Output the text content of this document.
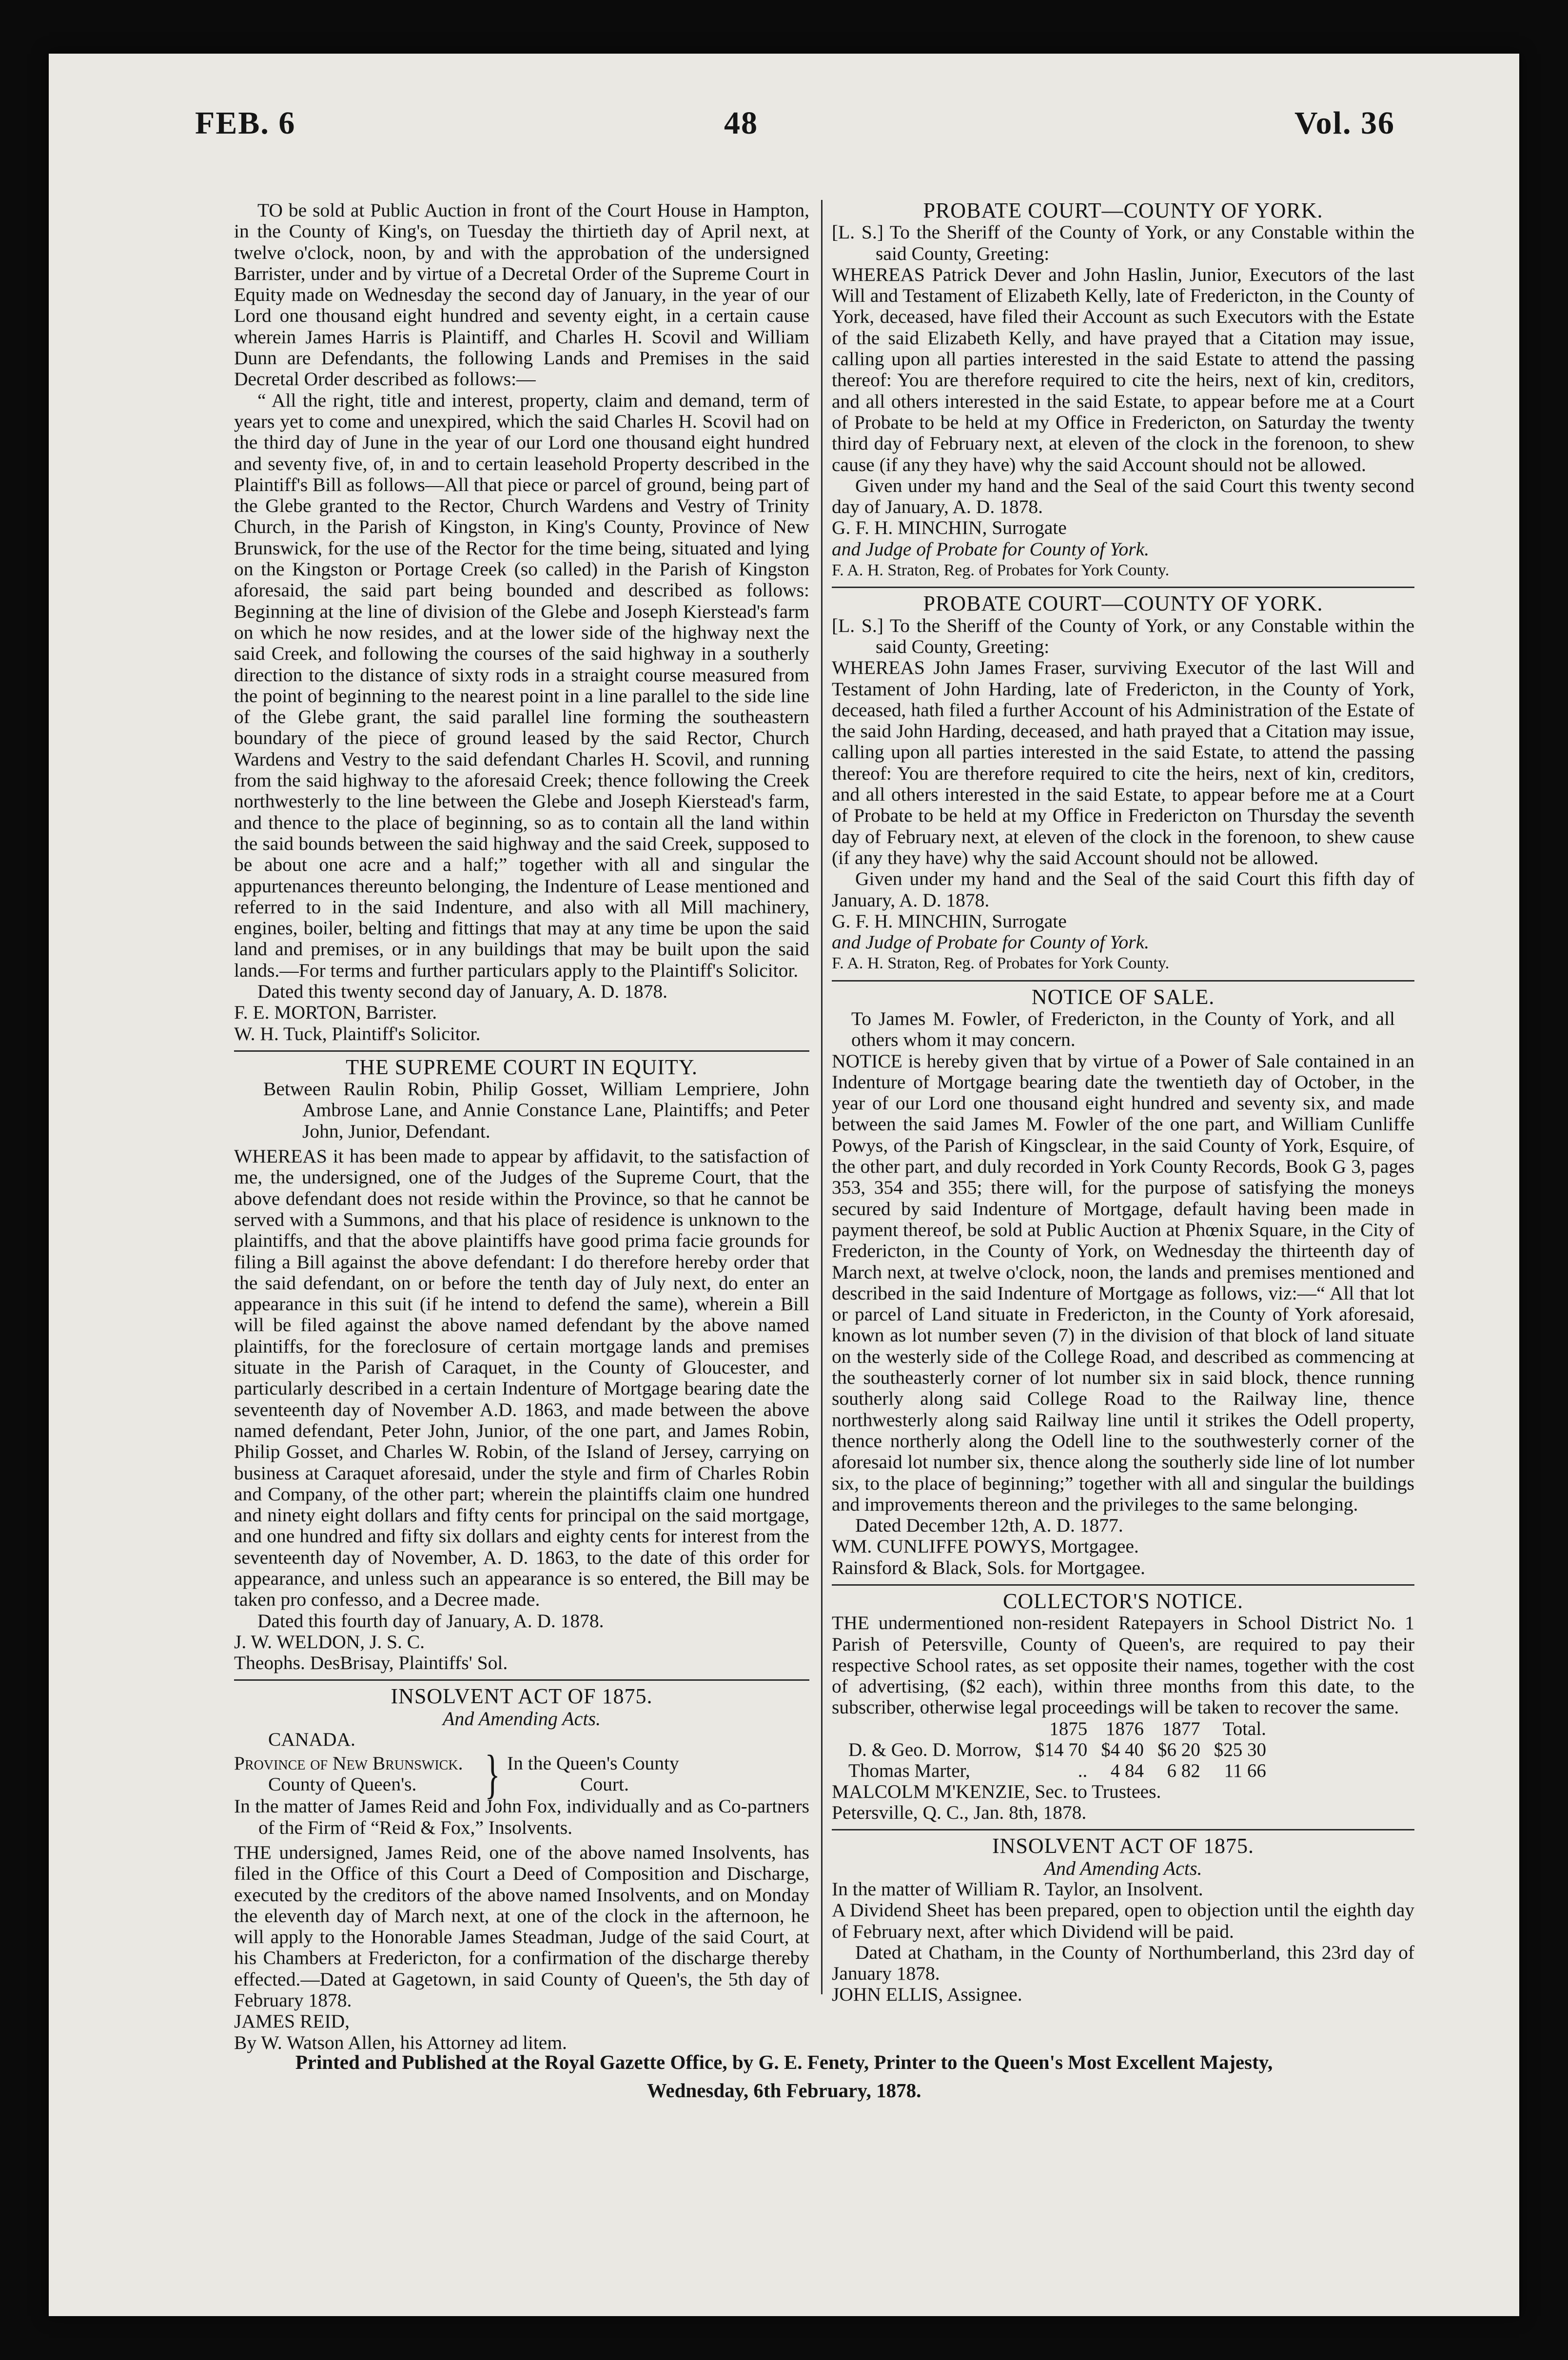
FEB. 6	48	Vol. 36

TO be sold at Public Auction in front of the Court House in Hampton, in the County of King's, on Tuesday the thirtieth day of April next, at twelve o'clock, noon, by and with the approbation of the undersigned Barrister, under and by virtue of a Decretal Order of the Supreme Court in Equity made on Wednesday the second day of January, in the year of our Lord one thousand eight hundred and seventy eight, in a certain cause wherein James Harris is Plaintiff, and Charles H. Scovil and William Dunn are Defendants, the following Lands and Premises in the said Decretal Order described as follows:—

“ All the right, title and interest, property, claim and demand, term of years yet to come and unexpired, which the said Charles H. Scovil had on the third day of June in the year of our Lord one thousand eight hundred and seventy five, of, in and to certain leasehold Property described in the Plaintiff's Bill as follows—All that piece or parcel of ground, being part of the Glebe granted to the Rector, Church Wardens and Vestry of Trinity Church, in the Parish of Kingston, in King's County, Province of New Brunswick, for the use of the Rector for the time being, situated and lying on the Kingston or Portage Creek (so called) in the Parish of Kingston aforesaid, the said part being bounded and described as follows: Beginning at the line of division of the Glebe and Joseph Kierstead's farm on which he now resides, and at the lower side of the highway next the said Creek, and following the courses of the said highway in a southerly direction to the distance of sixty rods in a straight course measured from the point of beginning to the nearest point in a line parallel to the side line of the Glebe grant, the said parallel line forming the southeastern boundary of the piece of ground leased by the said Rector, Church Wardens and Vestry to the said defendant Charles H. Scovil, and running from the said highway to the aforesaid Creek; thence following the Creek northwesterly to the line between the Glebe and Joseph Kierstead's farm, and thence to the place of beginning, so as to contain all the land within the said bounds between the said highway and the said Creek, supposed to be about one acre and a half;” together with all and singular the appurtenances thereunto belonging, the Indenture of Lease mentioned and referred to in the said Indenture, and also with all Mill machinery, engines, boiler, belting and fittings that may at any time be upon the said land and premises, or in any buildings that may be built upon the said lands.—For terms and further particulars apply to the Plaintiff's Solicitor.

Dated this twenty second day of January, A. D. 1878.

F. E. MORTON, Barrister.

W. H. Tuck, Plaintiff's Solicitor.

THE SUPREME COURT IN EQUITY.

Between Raulin Robin, Philip Gosset, William Lempriere, John Ambrose Lane, and Annie Constance Lane, Plaintiffs; and Peter John, Junior, Defendant.

WHEREAS it has been made to appear by affidavit, to the satisfaction of me, the undersigned, one of the Judges of the Supreme Court, that the above defendant does not reside within the Province, so that he cannot be served with a Summons, and that his place of residence is unknown to the plaintiffs, and that the above plaintiffs have good prima facie grounds for filing a Bill against the above defendant: I do therefore hereby order that the said defendant, on or before the tenth day of July next, do enter an appearance in this suit (if he intend to defend the same), wherein a Bill will be filed against the above named defendant by the above named plaintiffs, for the foreclosure of certain mortgage lands and premises situate in the Parish of Caraquet, in the County of Gloucester, and particularly described in a certain Indenture of Mortgage bearing date the seventeenth day of November A.D. 1863, and made between the above named defendant, Peter John, Junior, of the one part, and James Robin, Philip Gosset, and Charles W. Robin, of the Island of Jersey, carrying on business at Caraquet aforesaid, under the style and firm of Charles Robin and Company, of the other part; wherein the plaintiffs claim one hundred and ninety eight dollars and fifty cents for principal on the said mortgage, and one hundred and fifty six dollars and eighty cents for interest from the seventeenth day of November, A. D. 1863, to the date of this order for appearance, and unless such an appearance is so entered, the Bill may be taken pro confesso, and a Decree made.

Dated this fourth day of January, A. D. 1878.

J. W. WELDON, J. S. C.

Theophs. DesBrisay, Plaintiffs' Sol.

INSOLVENT ACT OF 1875.
And Amending Acts.

CANADA.

Province of New Brunswick.
County of Queen's.	} In the Queen's County
Court.

In the matter of James Reid and John Fox, individually and as Co-partners of the Firm of “Reid & Fox,” Insolvents.

THE undersigned, James Reid, one of the above named Insolvents, has filed in the Office of this Court a Deed of Composition and Discharge, executed by the creditors of the above named Insolvents, and on Monday the eleventh day of March next, at one of the clock in the afternoon, he will apply to the Honorable James Steadman, Judge of the said Court, at his Chambers at Fredericton, for a confirmation of the discharge thereby effected.—Dated at Gagetown, in said County of Queen's, the 5th day of February 1878.

JAMES REID,

By W. Watson Allen, his Attorney ad litem.

PROBATE COURT—COUNTY OF YORK.

[L. S.] To the Sheriff of the County of York, or any Constable within the said County, Greeting:

WHEREAS Patrick Dever and John Haslin, Junior, Executors of the last Will and Testament of Elizabeth Kelly, late of Fredericton, in the County of York, deceased, have filed their Account as such Executors with the Estate of the said Elizabeth Kelly, and have prayed that a Citation may issue, calling upon all parties interested in the said Estate to attend the passing thereof: You are therefore required to cite the heirs, next of kin, creditors, and all others interested in the said Estate, to appear before me at a Court of Probate to be held at my Office in Fredericton, on Saturday the twenty third day of February next, at eleven of the clock in the forenoon, to shew cause (if any they have) why the said Account should not be allowed.

Given under my hand and the Seal of the said Court this twenty second day of January, A. D. 1878.

G. F. H. MINCHIN, Surrogate

and Judge of Probate for County of York.

F. A. H. Straton, Reg. of Probates for York County.

PROBATE COURT—COUNTY OF YORK.

[L. S.] To the Sheriff of the County of York, or any Constable within the said County, Greeting:

WHEREAS John James Fraser, surviving Executor of the last Will and Testament of John Harding, late of Fredericton, in the County of York, deceased, hath filed a further Account of his Administration of the Estate of the said John Harding, deceased, and hath prayed that a Citation may issue, calling upon all parties interested in the said Estate, to attend the passing thereof: You are therefore required to cite the heirs, next of kin, creditors, and all others interested in the said Estate, to appear before me at a Court of Probate to be held at my Office in Fredericton on Thursday the seventh day of February next, at eleven of the clock in the forenoon, to shew cause (if any they have) why the said Account should not be allowed.

Given under my hand and the Seal of the said Court this fifth day of January, A. D. 1878.

G. F. H. MINCHIN, Surrogate

and Judge of Probate for County of York.

F. A. H. Straton, Reg. of Probates for York County.

NOTICE OF SALE.

To James M. Fowler, of Fredericton, in the County of York, and all others whom it may concern.

NOTICE is hereby given that by virtue of a Power of Sale contained in an Indenture of Mortgage bearing date the twentieth day of October, in the year of our Lord one thousand eight hundred and seventy six, and made between the said James M. Fowler of the one part, and William Cunliffe Powys, of the Parish of Kingsclear, in the said County of York, Esquire, of the other part, and duly recorded in York County Records, Book G 3, pages 353, 354 and 355; there will, for the purpose of satisfying the moneys secured by said Indenture of Mortgage, default having been made in payment thereof, be sold at Public Auction at Phœnix Square, in the City of Fredericton, in the County of York, on Wednesday the thirteenth day of March next, at twelve o'clock, noon, the lands and premises mentioned and described in the said Indenture of Mortgage as follows, viz:—“ All that lot or parcel of Land situate in Fredericton, in the County of York aforesaid, known as lot number seven (7) in the division of that block of land situate on the westerly side of the College Road, and described as commencing at the southeasterly corner of lot number six in said block, thence running southerly along said College Road to the Railway line, thence northwesterly along said Railway line until it strikes the Odell property, thence northerly along the Odell line to the southwesterly corner of the aforesaid lot number six, thence along the southerly side line of lot number six, to the place of beginning;” together with all and singular the buildings and improvements thereon and the privileges to the same belonging.

Dated December 12th, A. D. 1877.

WM. CUNLIFFE POWYS, Mortgagee.

Rainsford & Black, Sols. for Mortgagee.

COLLECTOR'S NOTICE.

THE undermentioned non-resident Ratepayers in School District No. 1 Parish of Petersville, County of Queen's, are required to pay their respective School rates, as set opposite their names, together with the cost of advertising, ($2 each), within three months from this date, to the subscriber, otherwise legal proceedings will be taken to recover the same.

	1875	1876	1877	Total.
D. & Geo. D. Morrow,	$14 70	$4 40	$6 20	$25 30
Thomas Marter,	..	4 84	6 82	11 66

MALCOLM M'KENZIE, Sec. to Trustees.

Petersville, Q. C., Jan. 8th, 1878.

INSOLVENT ACT OF 1875.
And Amending Acts.

In the matter of William R. Taylor, an Insolvent.

A Dividend Sheet has been prepared, open to objection until the eighth day of February next, after which Dividend will be paid.

Dated at Chatham, in the County of Northumberland, this 23rd day of January 1878.

JOHN ELLIS, Assignee.

Printed and Published at the Royal Gazette Office, by G. E. Fenety, Printer to the Queen's Most Excellent Majesty,
Wednesday, 6th February, 1878.
